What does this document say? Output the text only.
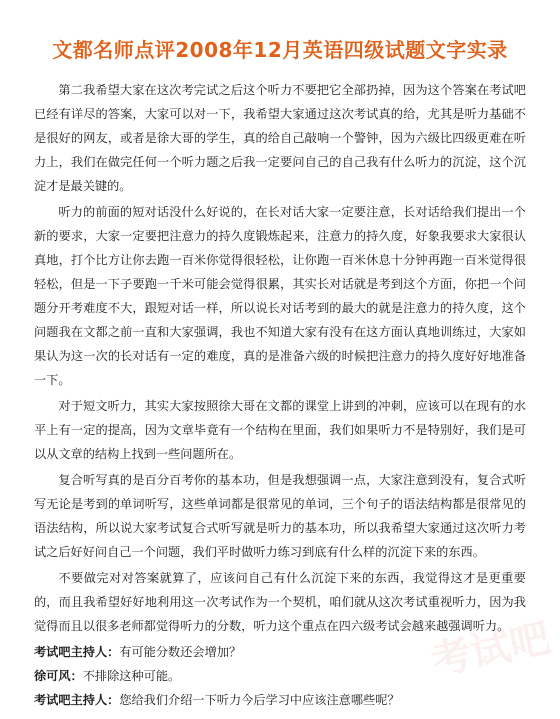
考试吧
文都名师点评2008年12月英语四级试题文字实录

第二我希望大家在这次考完试之后这个听力不要把它全部扔掉，因为这个答案在考试吧已经有详尽的答案，大家可以对一下，我希望大家通过这次考试真的给，尤其是听力基础不是很好的网友，或者是徐大哥的学生，真的给自己敲响一个警钟，因为六级比四级更难在听力上，我们在做完任何一个听力题之后我一定要问自己的自己我有什么听力的沉淀，这个沉淀才是最关键的。

听力的前面的短对话没什么好说的，在长对话大家一定要注意，长对话给我们提出一个新的要求，大家一定要把注意力的持久度锻炼起来，注意力的持久度，好象我要求大家很认真地，打个比方让你去跑一百米你觉得很轻松，让你跑一百米休息十分钟再跑一百米觉得很轻松，但是一下子要跑一千米可能会觉得很累，其实长对话就是考到这个方面，你把一个问题分开考难度不大，跟短对话一样，所以说长对话考到的最大的就是注意力的持久度，这个问题我在文都之前一直和大家强调，我也不知道大家有没有在这方面认真地训练过，大家如果认为这一次的长对话有一定的难度，真的是准备六级的时候把注意力的持久度好好地准备一下。

对于短文听力，其实大家按照徐大哥在文都的课堂上讲到的冲刺，应该可以在现有的水平上有一定的提高，因为文章毕竟有一个结构在里面，我们如果听力不是特别好，我们是可以从文章的结构上找到一些问题所在。

复合听写真的是百分百考你的基本功，但是我想强调一点，大家注意到没有，复合式听写无论是考到的单词听写，这些单词都是很常见的单词，三个句子的语法结构都是很常见的语法结构，所以说大家考试复合式听写就是听力的基本功，所以我希望大家通过这次听力考试之后好好问自己一个问题，我们平时做听力练习到底有什么样的沉淀下来的东西。

不要做完对对答案就算了，应该问自己有什么沉淀下来的东西，我觉得这才是更重要的，而且我希望好好地利用这一次考试作为一个契机，咱们就从这次考试重视听力，因为我觉得而且以很多老师都觉得听力的分数，听力这个重点在四六级考试会越来越强调听力。

考试吧主持人：有可能分数还会增加？

徐可风：不排除这种可能。

考试吧主持人：您给我们介绍一下听力今后学习中应该注意哪些呢？
